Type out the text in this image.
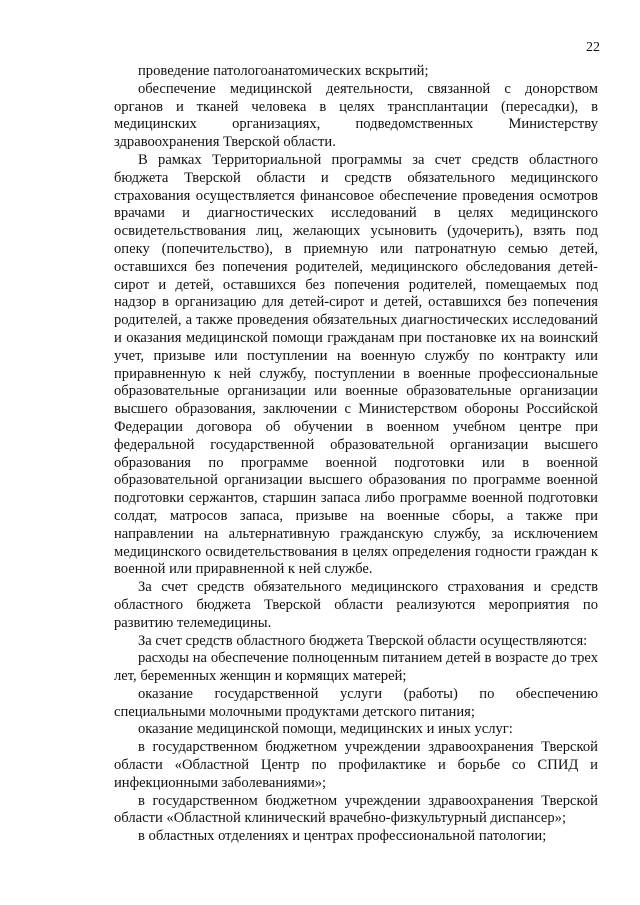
22

проведение патологоанатомических вскрытий;

обеспечение медицинской деятельности, связанной с донорством органов и тканей человека в целях трансплантации (пересадки), в медицинских организациях, подведомственных Министерству здравоохранения Тверской области.

В рамках Территориальной программы за счет средств областного бюджета Тверской области и средств обязательного медицинского страхования осуществляется финансовое обеспечение проведения осмотров врачами и диагностических исследований в целях медицинского освидетельствования лиц, желающих усыновить (удочерить), взять под опеку (попечительство), в приемную или патронатную семью детей, оставшихся без попечения родителей, медицинского обследования детей-сирот и детей, оставшихся без попечения родителей, помещаемых под надзор в организацию для детей-сирот и детей, оставшихся без попечения родителей, а также проведения обязательных диагностических исследований и оказания медицинской помощи гражданам при постановке их на воинский учет, призыве или поступлении на военную службу по контракту или приравненную к ней службу, поступлении в военные профессиональные образовательные организации или военные образовательные организации высшего образования, заключении с Министерством обороны Российской Федерации договора об обучении в военном учебном центре при федеральной государственной образовательной организации высшего образования по программе военной подготовки или в военной образовательной организации высшего образования по программе военной подготовки сержантов, старшин запаса либо программе военной подготовки солдат, матросов запаса, призыве на военные сборы, а также при направлении на альтернативную гражданскую службу, за исключением медицинского освидетельствования в целях определения годности граждан к военной или приравненной к ней службе.

За счет средств обязательного медицинского страхования и средств областного бюджета Тверской области реализуются мероприятия по развитию телемедицины.

За счет средств областного бюджета Тверской области осуществляются:

расходы на обеспечение полноценным питанием детей в возрасте до трех лет, беременных женщин и кормящих матерей;

оказание государственной услуги (работы) по обеспечению специальными молочными продуктами детского питания;

оказание медицинской помощи, медицинских и иных услуг:

в государственном бюджетном учреждении здравоохранения Тверской области «Областной Центр по профилактике и борьбе со СПИД и инфекционными заболеваниями»;

в государственном бюджетном учреждении здравоохранения Тверской области «Областной клинический врачебно-физкультурный диспансер»;

в областных отделениях и центрах профессиональной патологии;
